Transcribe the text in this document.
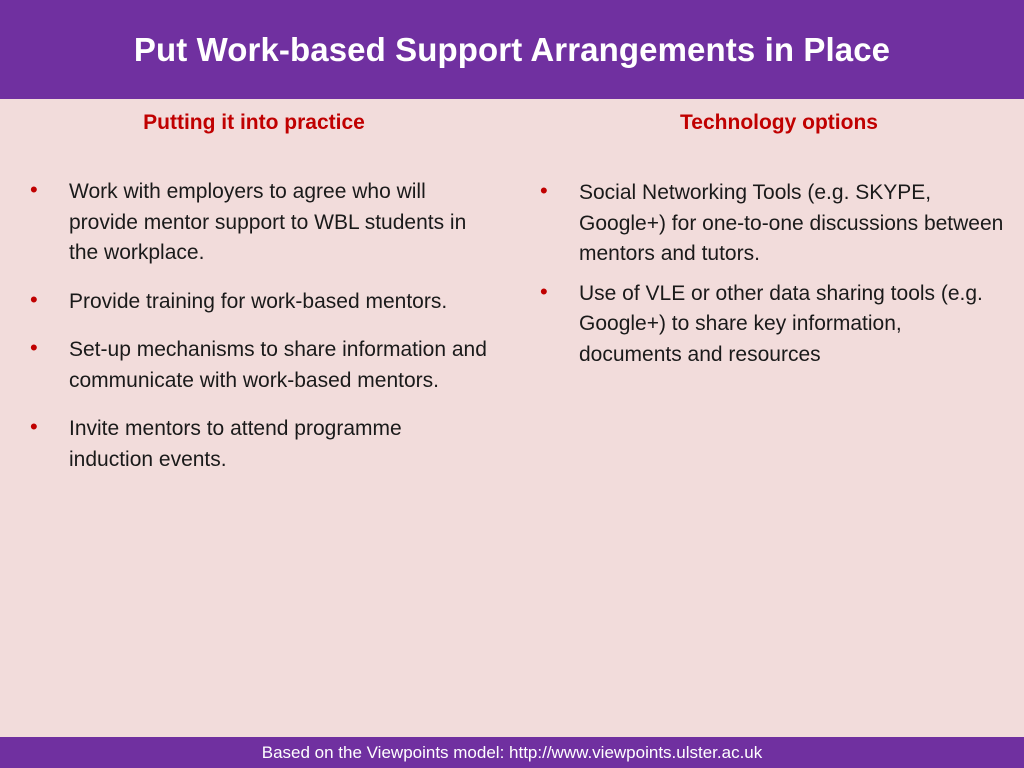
Put Work-based Support Arrangements in Place
Putting it into practice	Technology options
• Work with employers to agree who will provide mentor support to WBL students in the workplace.
• Provide training for work-based mentors.
• Set-up mechanisms to share information and communicate with work-based mentors.
• Invite mentors to attend programme induction events.
• Social Networking Tools (e.g. SKYPE, Google+) for one-to-one discussions between mentors and tutors.
• Use of VLE or other data sharing tools (e.g. Google+) to share key information, documents and resources
Based on the Viewpoints model: http://www.viewpoints.ulster.ac.uk
